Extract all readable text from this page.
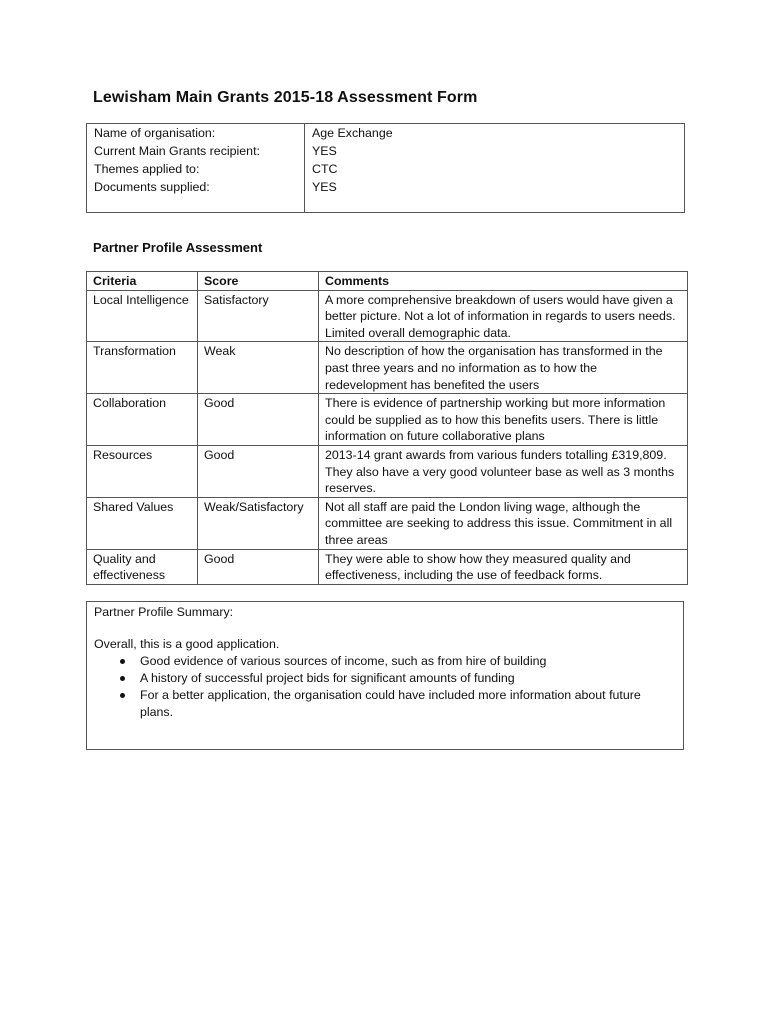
Lewisham Main Grants 2015-18 Assessment Form
Name of organisation:	Age Exchange
Current Main Grants recipient:	YES
Themes applied to:	CTC
Documents supplied:	YES
Partner Profile Assessment
Criteria	Score	Comments
Local Intelligence	Satisfactory	A more comprehensive breakdown of users would have given a better picture. Not a lot of information in regards to users needs. Limited overall demographic data.
Transformation	Weak	No description of how the organisation has transformed in the past three years and no information as to how the redevelopment has benefited the users
Collaboration	Good	There is evidence of partnership working but more information could be supplied as to how this benefits users. There is little information on future collaborative plans
Resources	Good	2013-14 grant awards from various funders totalling £319,809. They also have a very good volunteer base as well as 3 months reserves.
Shared Values	Weak/Satisfactory	Not all staff are paid the London living wage, although the committee are seeking to address this issue. Commitment in all three areas
Quality and effectiveness	Good	They were able to show how they measured quality and effectiveness, including the use of feedback forms.
Partner Profile Summary:
Overall, this is a good application.
Good evidence of various sources of income, such as from hire of building
A history of successful project bids for significant amounts of funding
For a better application, the organisation could have included more information about future plans.
